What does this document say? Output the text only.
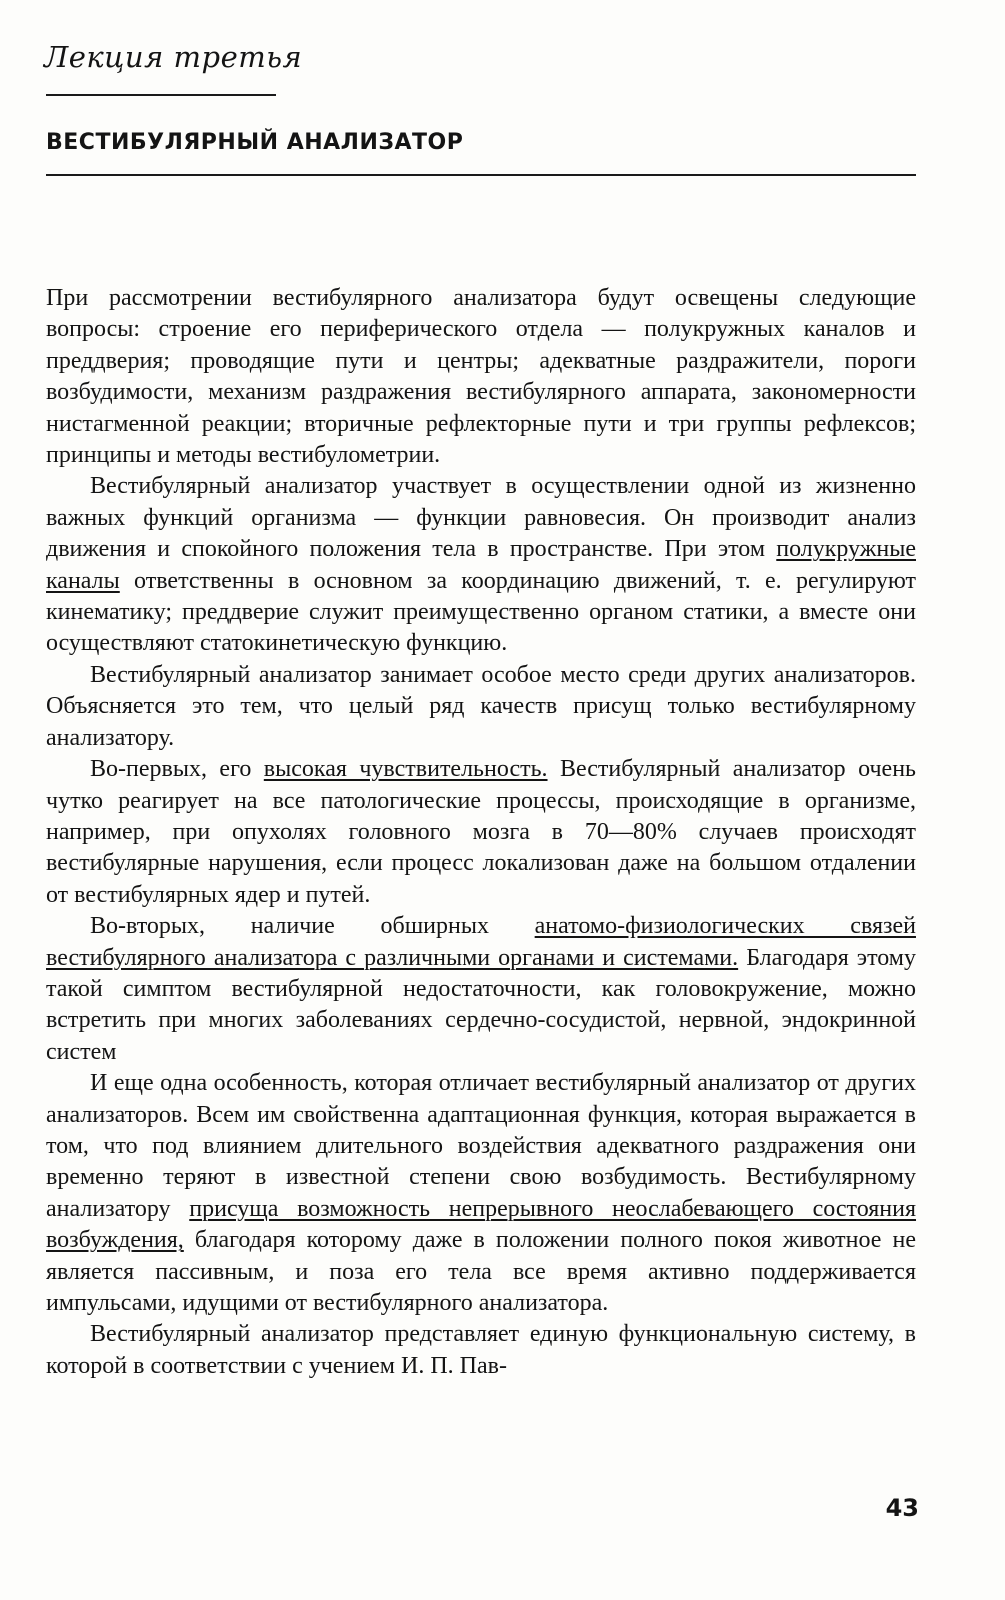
Лекция третья
ВЕСТИБУЛЯРНЫЙ АНАЛИЗАТОР

При рассмотрении вестибулярного анализатора будут освещены следующие вопросы: строение его периферического отдела — полукружных каналов и преддверия; проводящие пути и центры; адекватные раздражители, пороги возбудимости, механизм раздражения вестибулярного аппарата, закономерности нистагменной реакции; вторичные рефлекторные пути и три группы рефлексов; принципы и методы вестибулометрии.

Вестибулярный анализатор участвует в осуществлении одной из жизненно важных функций организма — функции равновесия. Он производит анализ движения и спокойного положения тела в пространстве. При этом полукружные каналы ответственны в основном за координацию движений, т. е. регулируют кинематику; преддверие служит преимущественно органом статики, а вместе они осуществляют статокинетическую функцию.

Вестибулярный анализатор занимает особое место среди других анализаторов. Объясняется это тем, что целый ряд качеств присущ только вестибулярному анализатору.

Во-первых, его высокая чувствительность. Вестибулярный анализатор очень чутко реагирует на все патологические процессы, происходящие в организме, например, при опухолях головного мозга в 70—80% случаев происходят вестибулярные нарушения, если процесс локализован даже на большом отдалении от вестибулярных ядер и путей.

Во-вторых, наличие обширных анатомо-физиологических связей вестибулярного анализатора с различными органами и системами. Благодаря этому такой симптом вестибулярной недостаточности, как головокружение, можно встретить при многих заболеваниях сердечно-сосудистой, нервной, эндокринной систем

И еще одна особенность, которая отличает вестибулярный анализатор от других анализаторов. Всем им свойственна адаптационная функция, которая выражается в том, что под влиянием длительного воздействия адекватного раздражения они временно теряют в известной степени свою возбудимость. Вестибулярному анализатору присуща возможность непрерывного неослабевающего состояния возбуждения, благодаря которому даже в положении полного покоя животное не является пассивным, и поза его тела все время активно поддерживается импульсами, идущими от вестибулярного анализатора.

Вестибулярный анализатор представляет единую функциональную систему, в которой в соответствии с учением И. П. Пав-

43
